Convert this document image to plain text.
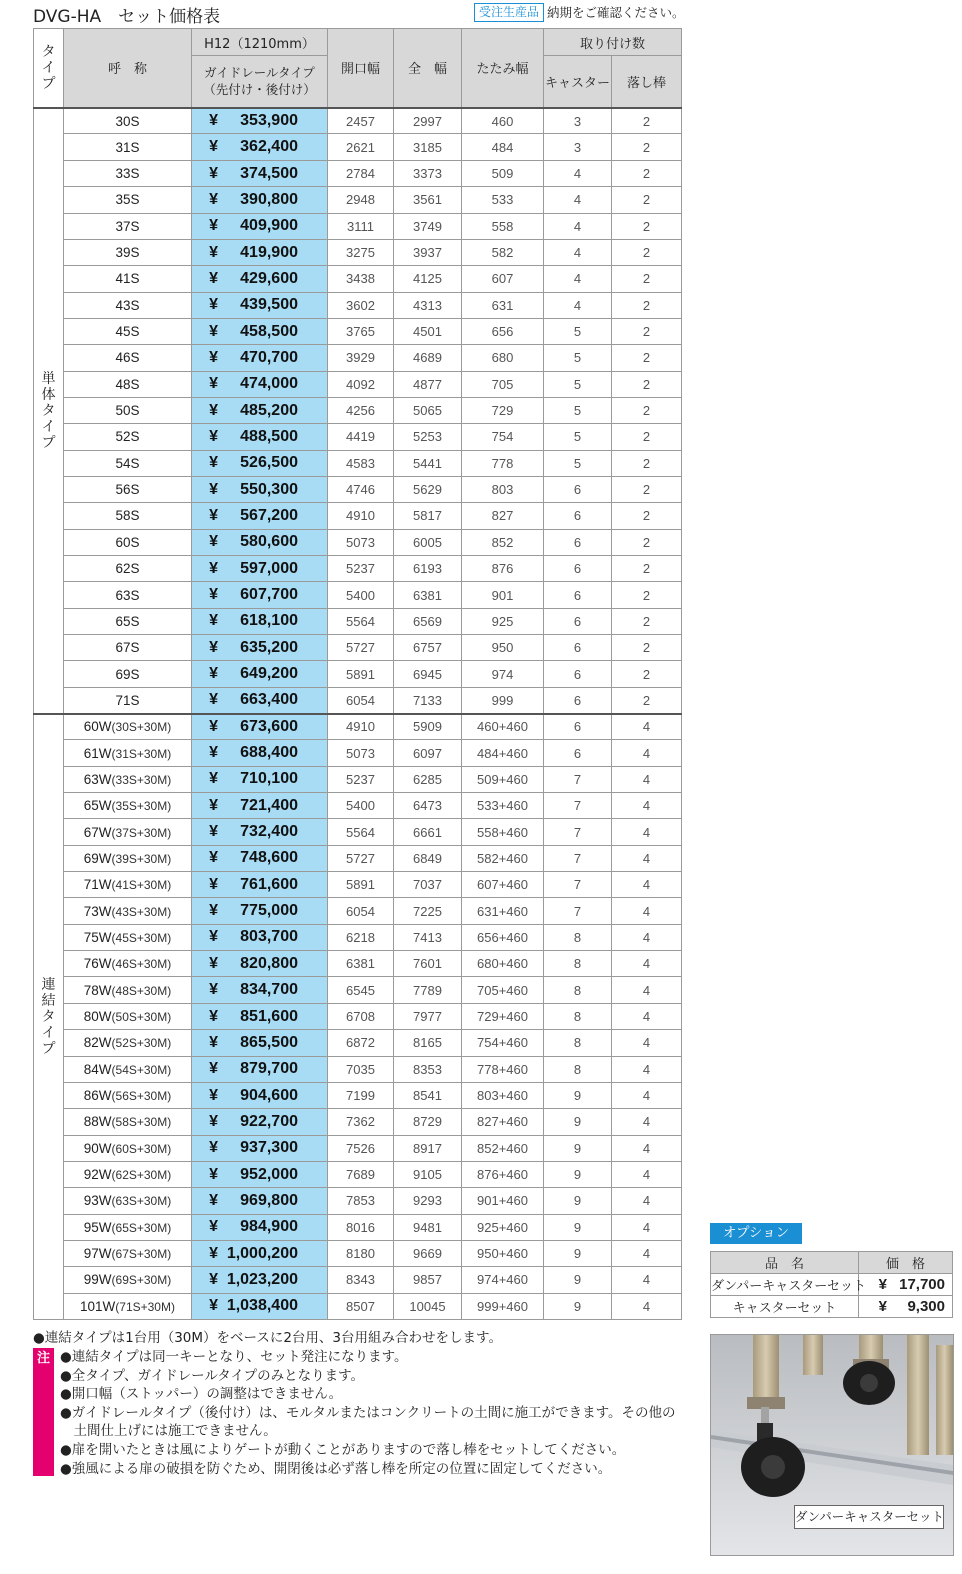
DVG-HA　セット価格表	受注生産品 納期をご確認ください。
タイプ	呼　称	H12（1210mm）	開口幅	全　幅	たたみ幅	取り付け数	
		ガイドレールタイプ（先付け・後付け）				キャスター	落し棒
単体タイプ	30S	¥ 353,900	2457	2997	460	3	2
	31S	¥ 362,400	2621	3185	484	3	2
	33S	¥ 374,500	2784	3373	509	4	2
	35S	¥ 390,800	2948	3561	533	4	2
	37S	¥ 409,900	3111	3749	558	4	2
	39S	¥ 419,900	3275	3937	582	4	2
	41S	¥ 429,600	3438	4125	607	4	2
	43S	¥ 439,500	3602	4313	631	4	2
	45S	¥ 458,500	3765	4501	656	5	2
	46S	¥ 470,700	3929	4689	680	5	2
	48S	¥ 474,000	4092	4877	705	5	2
	50S	¥ 485,200	4256	5065	729	5	2
	52S	¥ 488,500	4419	5253	754	5	2
	54S	¥ 526,500	4583	5441	778	5	2
	56S	¥ 550,300	4746	5629	803	6	2
	58S	¥ 567,200	4910	5817	827	6	2
	60S	¥ 580,600	5073	6005	852	6	2
	62S	¥ 597,000	5237	6193	876	6	2
	63S	¥ 607,700	5400	6381	901	6	2
	65S	¥ 618,100	5564	6569	925	6	2
	67S	¥ 635,200	5727	6757	950	6	2
	69S	¥ 649,200	5891	6945	974	6	2
	71S	¥ 663,400	6054	7133	999	6	2
連結タイプ	60W(30S+30M)	¥ 673,600	4910	5909	460+460	6	4
	61W(31S+30M)	¥ 688,400	5073	6097	484+460	6	4
	63W(33S+30M)	¥ 710,100	5237	6285	509+460	7	4
	65W(35S+30M)	¥ 721,400	5400	6473	533+460	7	4
	67W(37S+30M)	¥ 732,400	5564	6661	558+460	7	4
	69W(39S+30M)	¥ 748,600	5727	6849	582+460	7	4
	71W(41S+30M)	¥ 761,600	5891	7037	607+460	7	4
	73W(43S+30M)	¥ 775,000	6054	7225	631+460	7	4
	75W(45S+30M)	¥ 803,700	6218	7413	656+460	8	4
	76W(46S+30M)	¥ 820,800	6381	7601	680+460	8	4
	78W(48S+30M)	¥ 834,700	6545	7789	705+460	8	4
	80W(50S+30M)	¥ 851,600	6708	7977	729+460	8	4
	82W(52S+30M)	¥ 865,500	6872	8165	754+460	8	4
	84W(54S+30M)	¥ 879,700	7035	8353	778+460	8	4
	86W(56S+30M)	¥ 904,600	7199	8541	803+460	9	4
	88W(58S+30M)	¥ 922,700	7362	8729	827+460	9	4
	90W(60S+30M)	¥ 937,300	7526	8917	852+460	9	4
	92W(62S+30M)	¥ 952,000	7689	9105	876+460	9	4
	93W(63S+30M)	¥ 969,800	7853	9293	901+460	9	4
	95W(65S+30M)	¥ 984,900	8016	9481	925+460	9	4
	97W(67S+30M)	¥ 1,000,200	8180	9669	950+460	9	4
	99W(69S+30M)	¥ 1,023,200	8343	9857	974+460	9	4
	101W(71S+30M)	¥ 1,038,400	8507	10045	999+460	9	4
●連結タイプは1台用（30M）をベースに2台用、3台用組み合わせをします。
注 ●連結タイプは同一キーとなり、セット発注になります。
●全タイプ、ガイドレールタイプのみとなります。
●開口幅（ストッパー）の調整はできません。
●ガイドレールタイプ（後付け）は、モルタルまたはコンクリートの土間に施工ができます。その他の
　土間仕上げには施工できません。
●扉を開いたときは風によりゲートが動くことがありますので落し棒をセットしてください。
●強風による扉の破損を防ぐため、開閉後は必ず落し棒を所定の位置に固定してください。
オプション
品　名	価　格
ダンパーキャスターセット	¥ 17,700
キャスターセット	¥ 9,300
ダンパーキャスターセット
